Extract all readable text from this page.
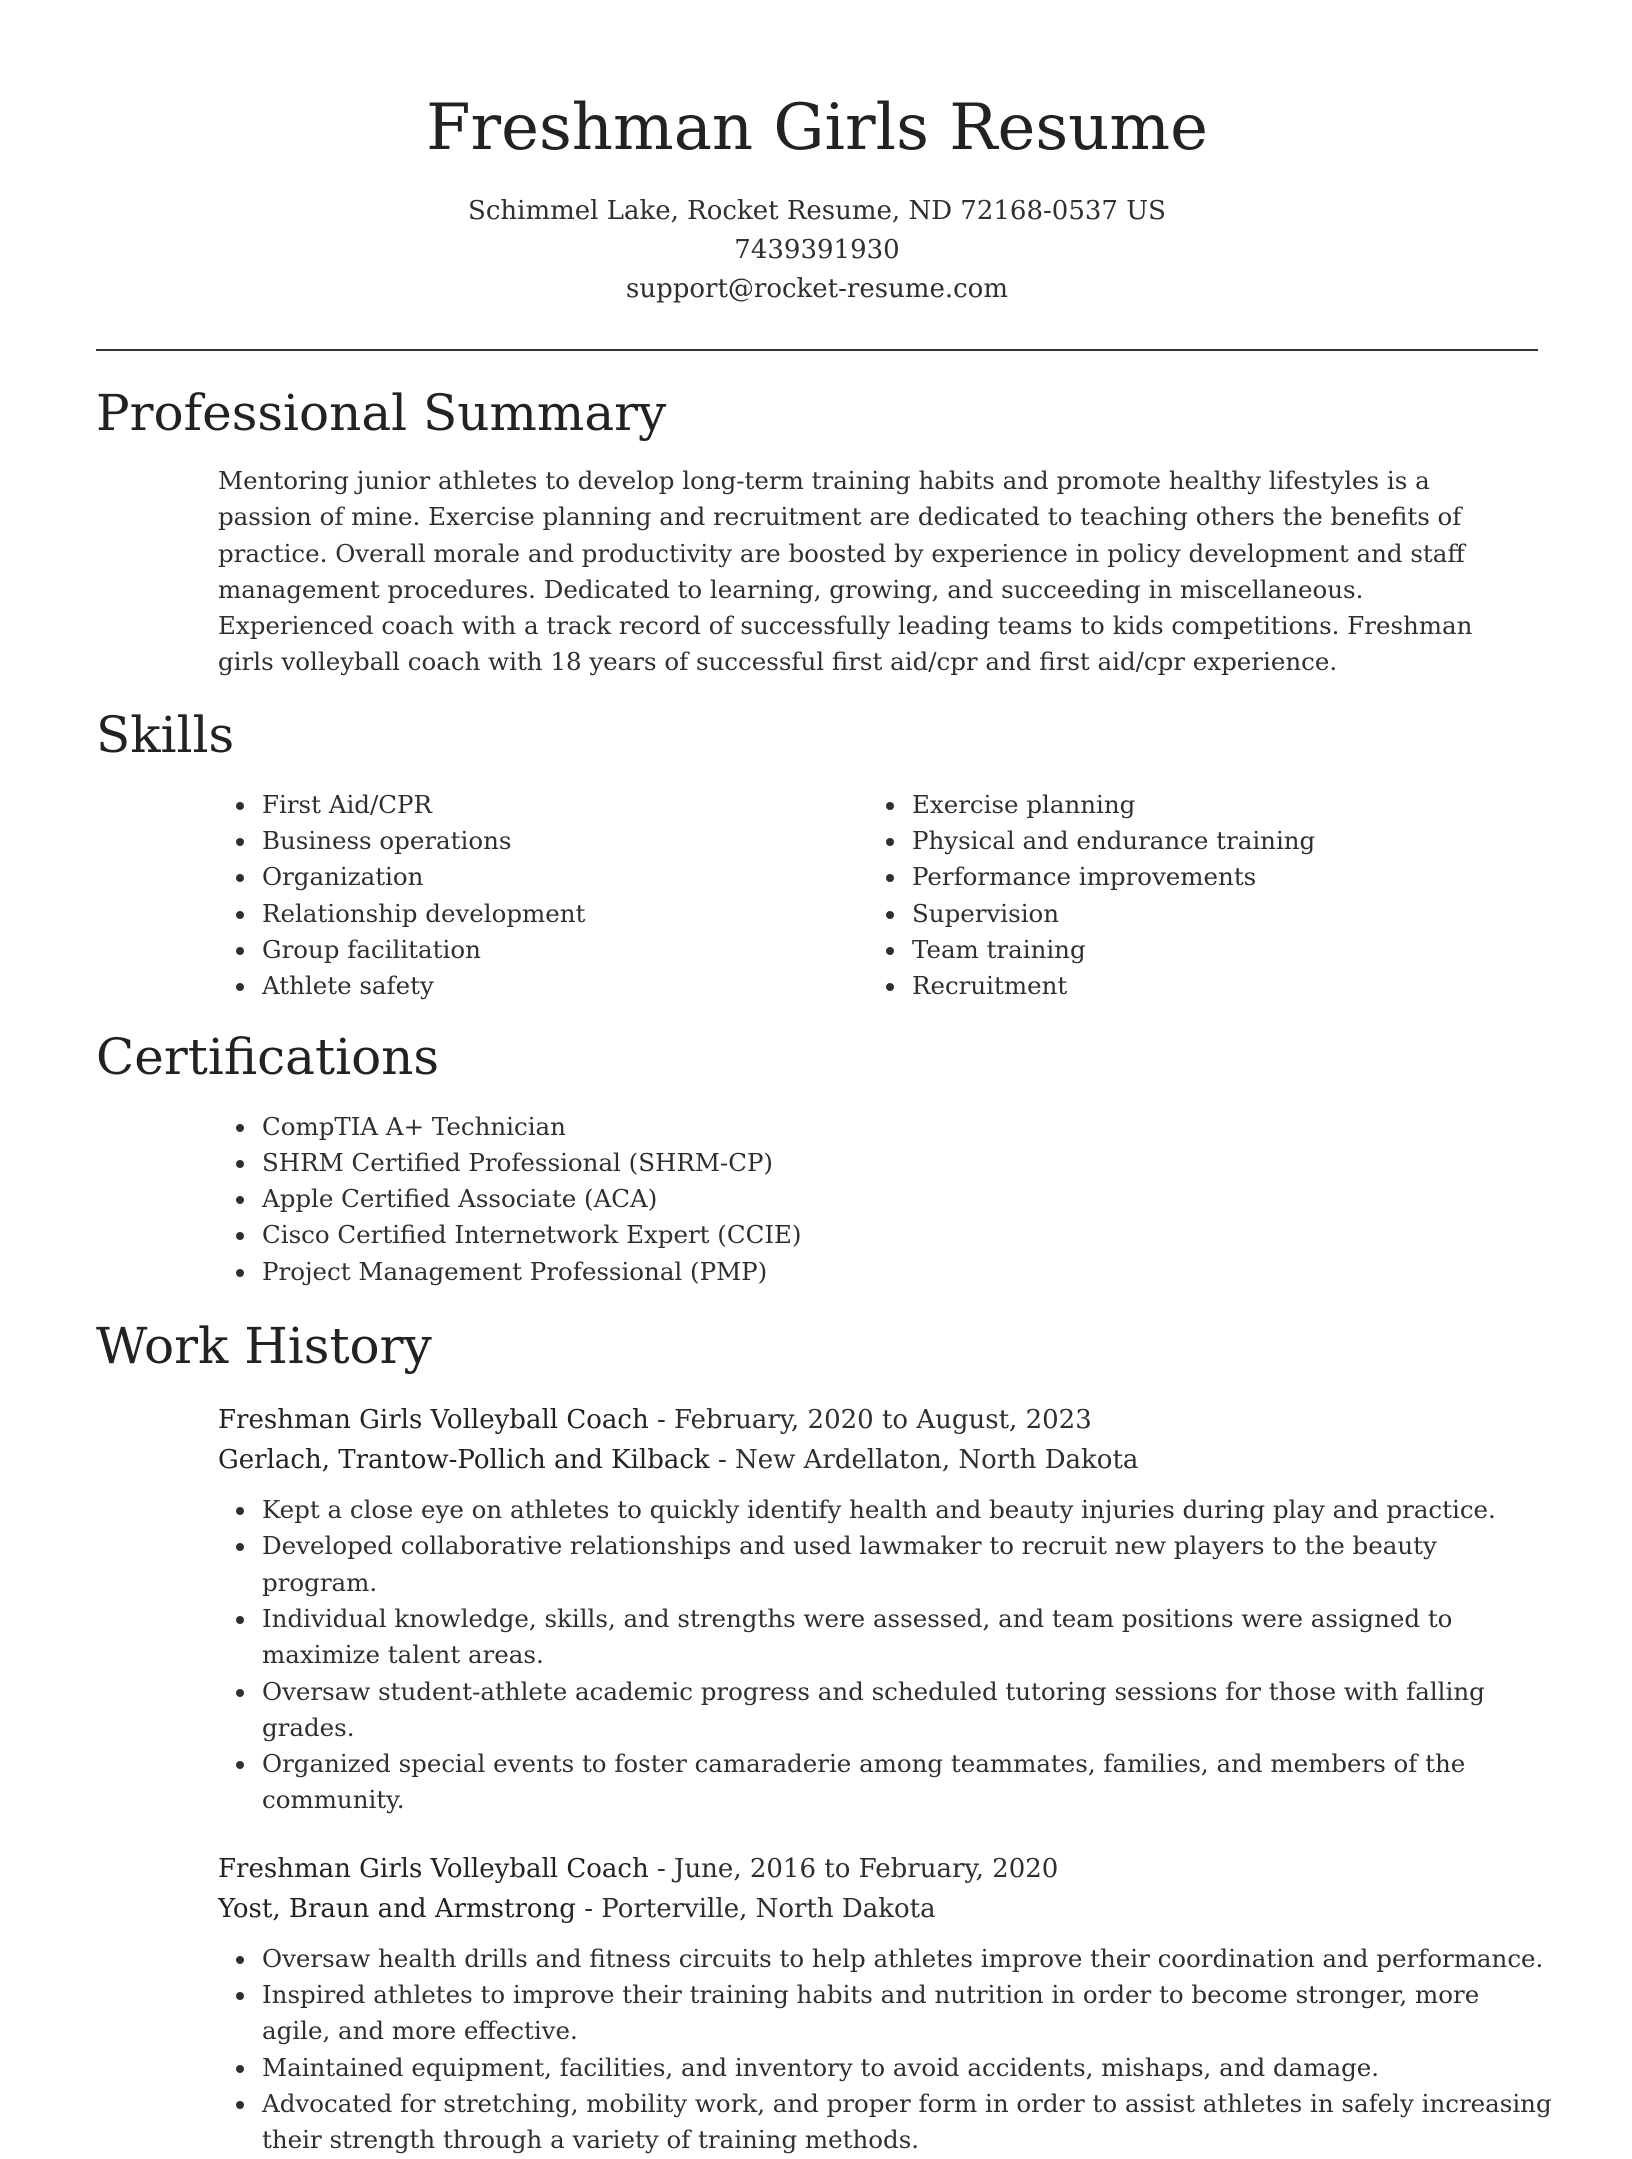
Freshman Girls Resume

Schimmel Lake, Rocket Resume, ND 72168-0537 US

7439391930

support@rocket-resume.com

Professional Summary

Mentoring junior athletes to develop long-term training habits and promote healthy lifestyles is a passion of mine. Exercise planning and recruitment are dedicated to teaching others the benefits of practice. Overall morale and productivity are boosted by experience in policy development and staff management procedures. Dedicated to learning, growing, and succeeding in miscellaneous. Experienced coach with a track record of successfully leading teams to kids competitions. Freshman girls volleyball coach with 18 years of successful first aid/cpr and first aid/cpr experience.

Skills
First Aid/CPR
Business operations
Organization
Relationship development
Group facilitation
Athlete safety
Exercise planning
Physical and endurance training
Performance improvements
Supervision
Team training
Recruitment
Certifications
CompTIA A+ Technician
SHRM Certified Professional (SHRM-CP)
Apple Certified Associate (ACA)
Cisco Certified Internetwork Expert (CCIE)
Project Management Professional (PMP)
Work History
Freshman Girls Volleyball Coach - February, 2020 to August, 2023
Gerlach, Trantow-Pollich and Kilback - New Ardellaton, North Dakota
Kept a close eye on athletes to quickly identify health and beauty injuries during play and practice.
Developed collaborative relationships and used lawmaker to recruit new players to the beauty program.
Individual knowledge, skills, and strengths were assessed, and team positions were assigned to maximize talent areas.
Oversaw student-athlete academic progress and scheduled tutoring sessions for those with falling grades.
Organized special events to foster camaraderie among teammates, families, and members of the community.
Freshman Girls Volleyball Coach - June, 2016 to February, 2020
Yost, Braun and Armstrong - Porterville, North Dakota
Oversaw health drills and fitness circuits to help athletes improve their coordination and performance.
Inspired athletes to improve their training habits and nutrition in order to become stronger, more agile, and more effective.
Maintained equipment, facilities, and inventory to avoid accidents, mishaps, and damage.
Advocated for stretching, mobility work, and proper form in order to assist athletes in safely increasing their strength through a variety of training methods.
